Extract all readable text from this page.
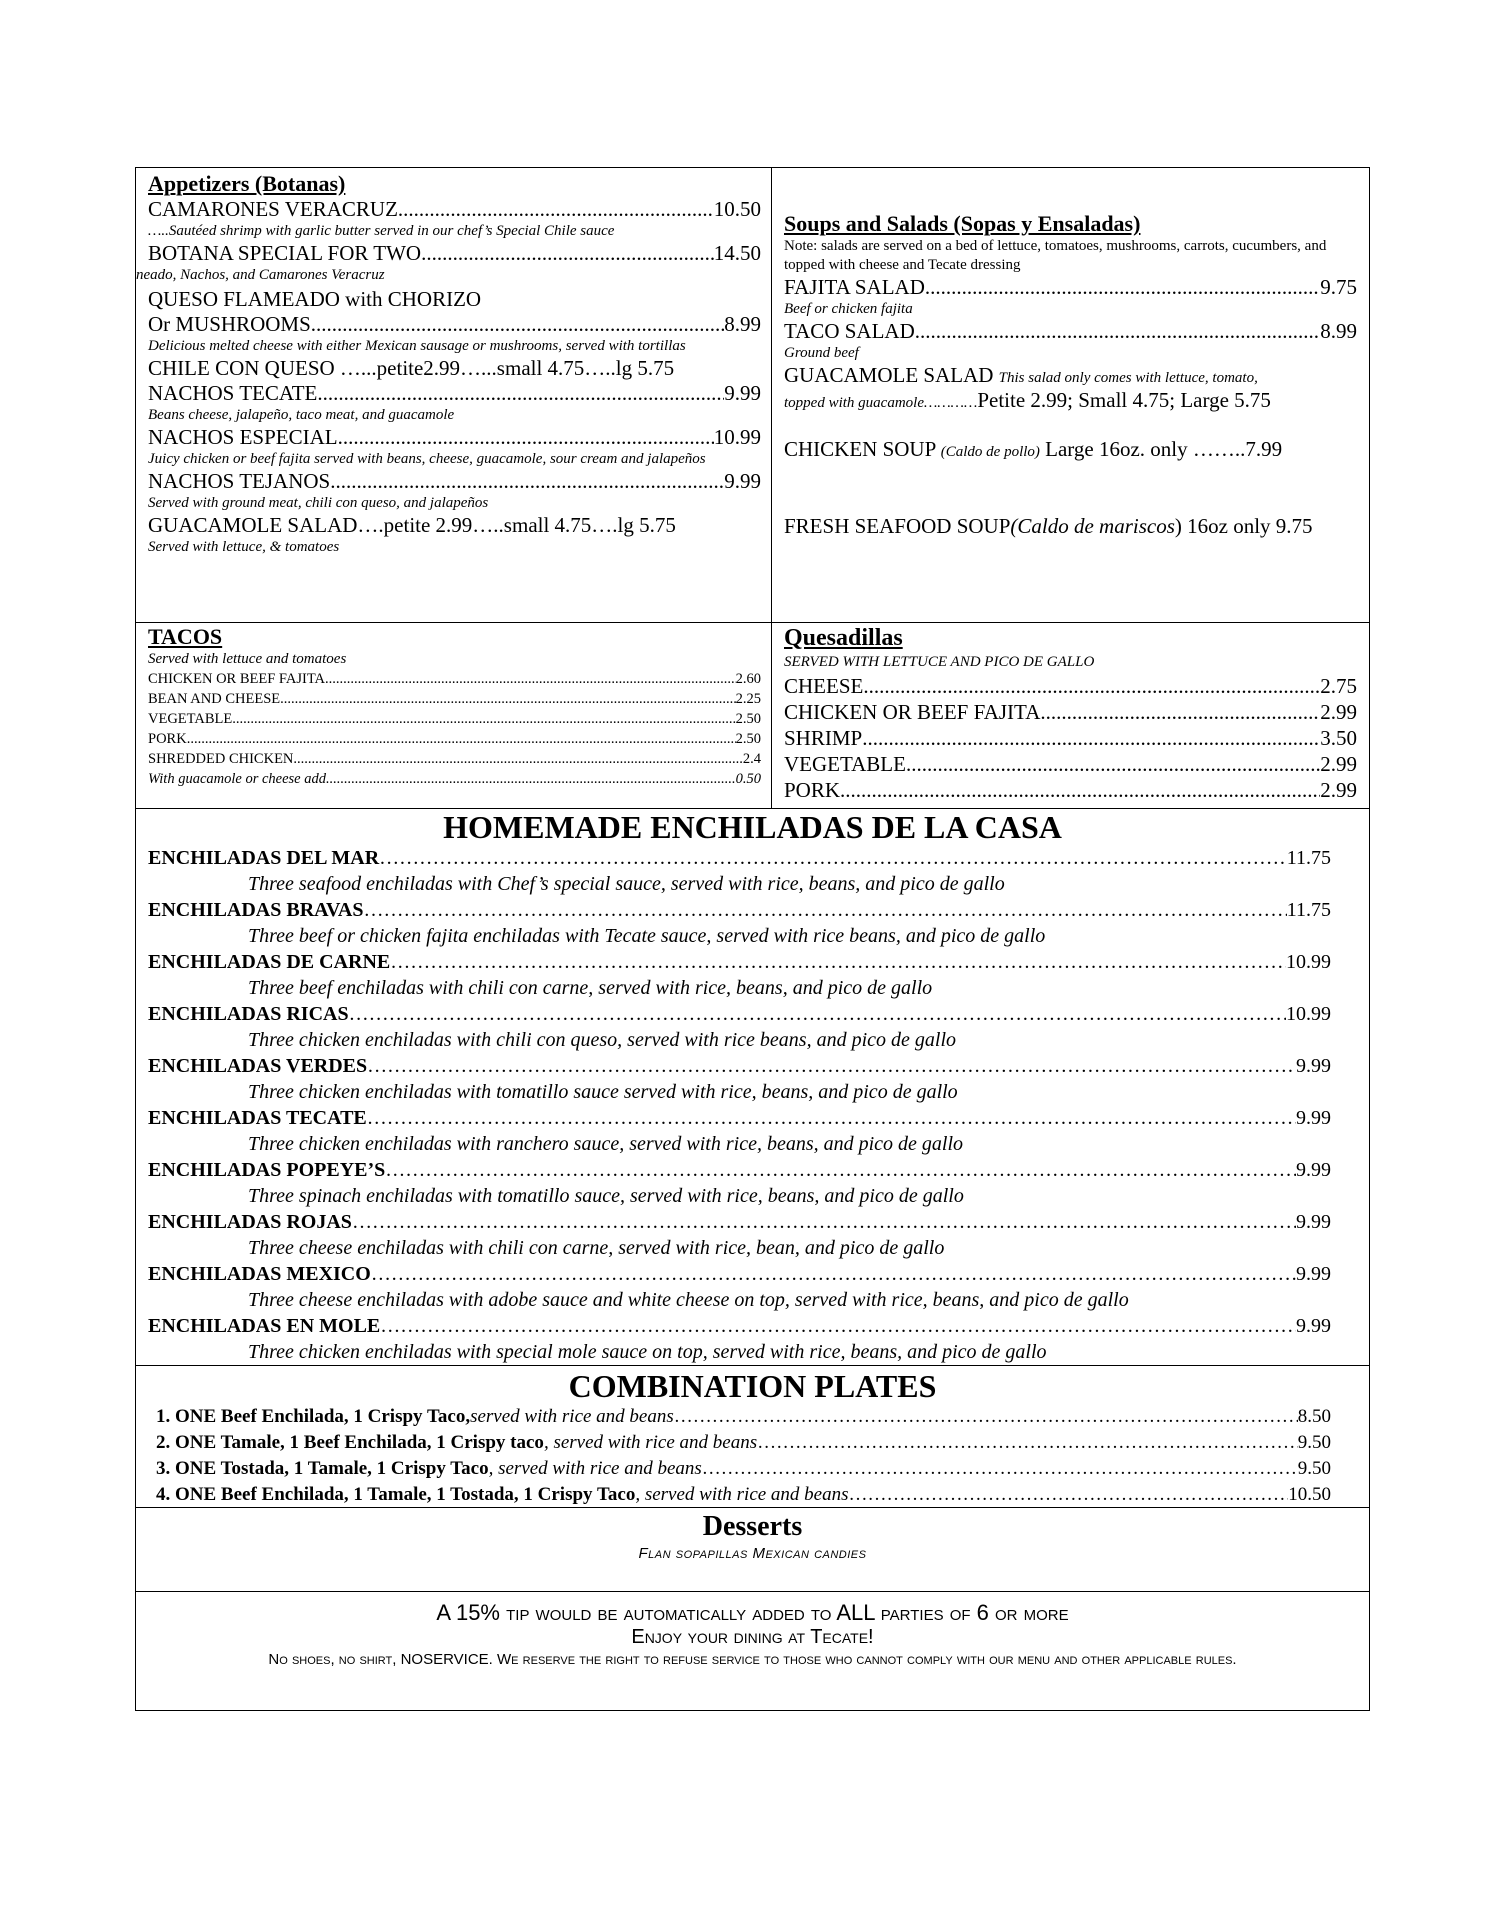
Appetizers (Botanas)
CAMARONES VERACRUZ .....	10.50
…..Sautéed shrimp with garlic butter served in our chef’s Special Chile sauce
BOTANA SPECIAL FOR TWO .....	14.50
neado, Nachos, and Camarones Veracruz
QUESO FLAMEADO with CHORIZO
Or MUSHROOMS .....	8.99
Delicious melted cheese with either Mexican sausage or mushrooms, served with tortillas
CHILE CON QUESO …...petite2.99…...small 4.75…..lg 5.75
NACHOS TECATE .....	9.99
Beans cheese, jalapeño, taco meat, and guacamole
NACHOS ESPECIAL .....	10.99
Juicy chicken or beef fajita served with beans, cheese, guacamole, sour cream and jalapeños
NACHOS TEJANOS .....	9.99
Served with ground meat, chili con queso, and jalapeños
GUACAMOLE SALAD….petite 2.99…..small 4.75….lg 5.75
Served with lettuce, & tomatoes
Soups and Salads (Sopas y Ensaladas)
Note: salads are served on a bed of lettuce, tomatoes, mushrooms, carrots, cucumbers, and topped with cheese and Tecate dressing
FAJITA SALAD .....	9.75
Beef or chicken fajita
TACO SALAD .....	8.99
Ground beef
GUACAMOLE SALAD This salad only comes with lettuce, tomato,
topped with guacamole…………Petite 2.99; Small 4.75; Large 5.75
CHICKEN SOUP (Caldo de pollo) Large 16oz. only ……..7.99
FRESH SEAFOOD SOUP(Caldo de mariscos) 16oz only 9.75
TACOS
Served with lettuce and tomatoes
CHICKEN OR BEEF FAJITA .....	2.60
BEAN AND CHEESE .....	2.25
VEGETABLE .....	2.50
PORK .....	2.50
SHREDDED CHICKEN .....	2.4
With guacamole or cheese add .....	0.50
Quesadillas
SERVED WITH LETTUCE AND PICO DE GALLO
CHEESE .....	2.75
CHICKEN OR BEEF FAJITA .....	2.99
SHRIMP .....	3.50
VEGETABLE .....	2.99
PORK .....	2.99
HOMEMADE ENCHILADAS DE LA CASA
ENCHILADAS DEL MAR ……………………………………………………………………………………………………………………………………………………………………………………………	11.75
Three seafood enchiladas with Chef’s special sauce, served with rice, beans, and pico de gallo
ENCHILADAS BRAVAS ……………………………………………………………………………………………………………………………………………………………………………………………	11.75
Three beef or chicken fajita enchiladas with Tecate sauce, served with rice beans, and pico de gallo
ENCHILADAS DE CARNE ……………………………………………………………………………………………………………………………………………………………………………………………	10.99
Three beef enchiladas with chili con carne, served with rice, beans, and pico de gallo
ENCHILADAS RICAS ……………………………………………………………………………………………………………………………………………………………………………………………	10.99
Three chicken enchiladas with chili con queso, served with rice beans, and pico de gallo
ENCHILADAS VERDES ……………………………………………………………………………………………………………………………………………………………………………………………	9.99
Three chicken enchiladas with tomatillo sauce served with rice, beans, and pico de gallo
ENCHILADAS TECATE ……………………………………………………………………………………………………………………………………………………………………………………………	9.99
Three chicken enchiladas with ranchero sauce, served with rice, beans, and pico de gallo
ENCHILADAS POPEYE’S ……………………………………………………………………………………………………………………………………………………………………………………………	9.99
Three spinach enchiladas with tomatillo sauce, served with rice, beans, and pico de gallo
ENCHILADAS ROJAS ……………………………………………………………………………………………………………………………………………………………………………………………	9.99
Three cheese enchiladas with chili con carne, served with rice, bean, and pico de gallo
ENCHILADAS MEXICO ……………………………………………………………………………………………………………………………………………………………………………………………	9.99
Three cheese enchiladas with adobe sauce and white cheese on top, served with rice, beans, and pico de gallo
ENCHILADAS EN MOLE ……………………………………………………………………………………………………………………………………………………………………………………………	9.99
Three chicken enchiladas with special mole sauce on top, served with rice, beans, and pico de gallo
COMBINATION PLATES
1. ONE Beef Enchilada, 1 Crispy Taco, served with rice and beans ……………………………………………………………………………………………………………………………………………………	8.50
2. ONE Tamale, 1 Beef Enchilada, 1 Crispy taco , served with rice and beans ……………………………………………………………………………………………………………………………………………………	9.50
3. ONE Tostada, 1 Tamale, 1 Crispy Taco , served with rice and beans ……………………………………………………………………………………………………………………………………………………	9.50
4. ONE Beef Enchilada, 1 Tamale, 1 Tostada, 1 Crispy Taco , served with rice and beans ……………………………………………………………………………………………………………………………………………………	10.50
Desserts
Flan sopapillas Mexican candies
A 15% tip would be automatically added to ALL parties of 6 or more
Enjoy your dining at Tecate!
No shoes, no shirt, NOSERVICE. We reserve the right to refuse service to those who cannot comply with our menu and other applicable rules.
